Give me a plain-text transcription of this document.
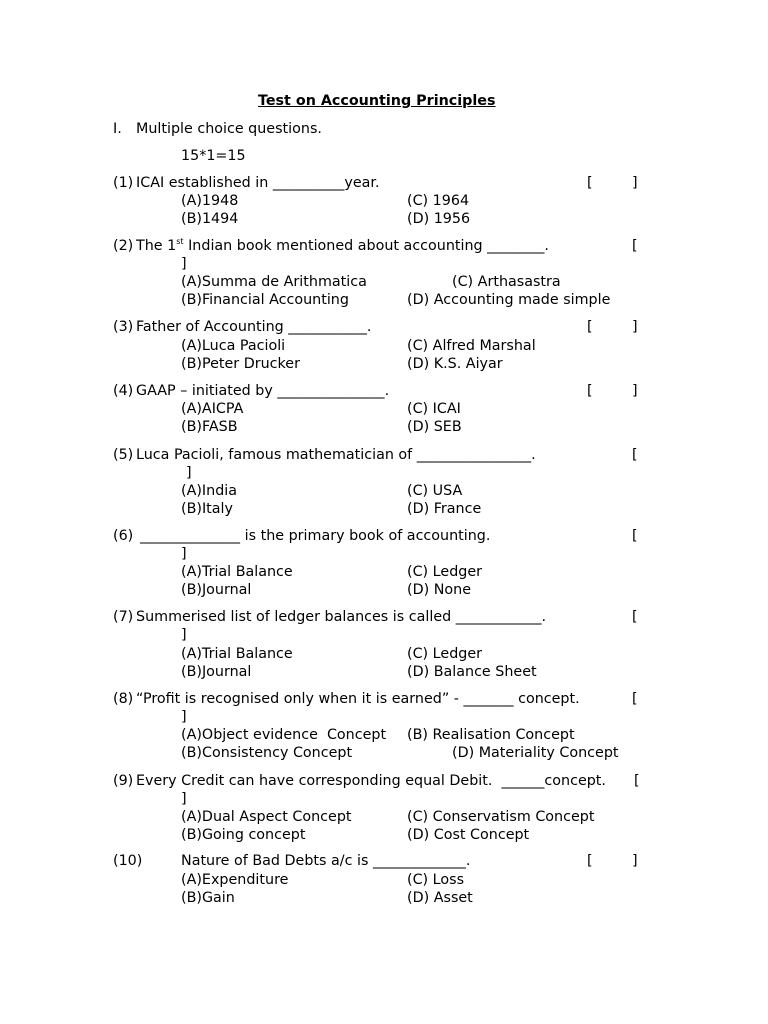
Test on Accounting Principles
I. Multiple choice questions.
15*1=15
(1) ICAI established in __________year.	[	]
(A)1948	(C) 1964
(B)1494	(D) 1956
(2) The 1st Indian book mentioned about accounting ________.	[
]
(A)Summa de Arithmatica	(C) Arthasastra
(B)Financial Accounting	(D) Accounting made simple
(3) Father of Accounting ___________.	[	]
(A)Luca Pacioli	(C) Alfred Marshal
(B)Peter Drucker	(D) K.S. Aiyar
(4) GAAP – initiated by _______________.	[	]
(A)AICPA	(C) ICAI
(B)FASB	(D) SEB
(5) Luca Pacioli, famous mathematician of ________________.	[
]
(A)India	(C) USA
(B)Italy	(D) France
(6) ______________ is the primary book of accounting.	[
]
(A)Trial Balance	(C) Ledger
(B)Journal	(D) None
(7) Summerised list of ledger balances is called ____________.	[
]
(A)Trial Balance	(C) Ledger
(B)Journal	(D) Balance Sheet
(8) “Profit is recognised only when it is earned” - _______ concept.	[
]
(A)Object evidence  Concept (B) Realisation Concept
(B)Consistency Concept	(D) Materiality Concept
(9) Every Credit can have corresponding equal Debit.  ______concept. [
]
(A)Dual Aspect Concept	(C) Conservatism Concept
(B)Going concept	(D) Cost Concept
(10)	Nature of Bad Debts a/c is _____________.	[	]
(A)Expenditure	(C) Loss
(B)Gain	(D) Asset
